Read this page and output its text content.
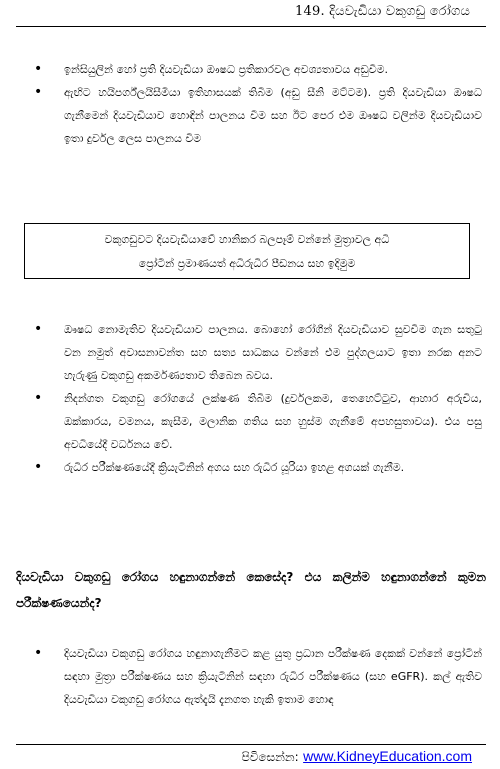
149. දියවැඩියා වකුගඩු රෝගය
• ඉන්සියුලින් හෝ ප්‍රති දියවැඩියා ඖෂධ ප්‍රතිකාරවල අවශ්‍යතාවය අඩුවීම.
• ඇඟිට හයිපර්ග්ලයිසීමියා ඉතිහාසයක් තිබීම (අඩු සීනි මට්ටම). ප්‍රති දියවැඩියා ඖෂධ ගැනීමෙන් දියවැඩියාව හොඳින් පාලනය වීම සහ ඊට පෙර එම ඖෂධ වලින්ම දියවැඩියාව ඉතා දුර්වල ලෙස පාලනය වීම
වකුගඩුවට දියවැඩියාවේ හානිකර බලපෑම් වන්නේ මුත්‍රාවල අධි
ප්‍රෝටීන් ප්‍රමාණයත් අධිරුධිර පීඩනය සහ ඉදිමුම
• ඖෂධ නොමැතිව දියවැඩියාව පාලනය. බොහෝ රෝගීන් දියවැඩියාව සුවවීම ගැන සතුටු වන නමුත් අවාසනාවන්ත සහ සත්‍ය සාධකය වන්නේ එම පුද්ගලයාට ඉතා නරක අනට හැරුණු වකුගඩු අකර්මණ්‍යතාව තිබෙන බවය.
• නිදන්ගත වකුගඩු රෝගයේ ලක්ෂණ තිබීම (දුර්වලකම, තෙහෙට්ටුව, ආහාර අරුචිය, ඔක්කාරය, වමනය, කැසීම, මලානික ගතිය සහ හුස්ම ගැනීමේ අපහසුතාවය). එය පසු අවධියේදී වර්ධනය වේ.
• රුධිර පරීක්ෂණයේදී ක්‍රියැටිනින් අගය සහ රුධිර යූරියා ඉහළ අගයක් ගැනීම.
දියවැඩියා වකුගඩු රෝගය හඳුනාගන්නේ කෙසේද? එය කලින්ම හඳුනාගන්නේ කුමන පරීක්ෂණයෙන්ද?
• දියවැඩියා වකුගඩු රෝගය හඳුනාගැනීමට කළ යුතු ප්‍රධාන පරීක්ෂණ දෙකක් වන්නේ ප්‍රෝටීන් සඳහා මුත්‍රා පරීක්ෂණය සහ ක්‍රියැටිනින් සඳහා රුධිර පරීක්ෂණය (සහ eGFR). කල් ඇතිව දියවැඩියා වකුගඩු රෝගය ඇත්දැයි දැනගත හැකි ඉතාම හොඳ
පිවිසෙන්න: www.KidneyEducation.com
